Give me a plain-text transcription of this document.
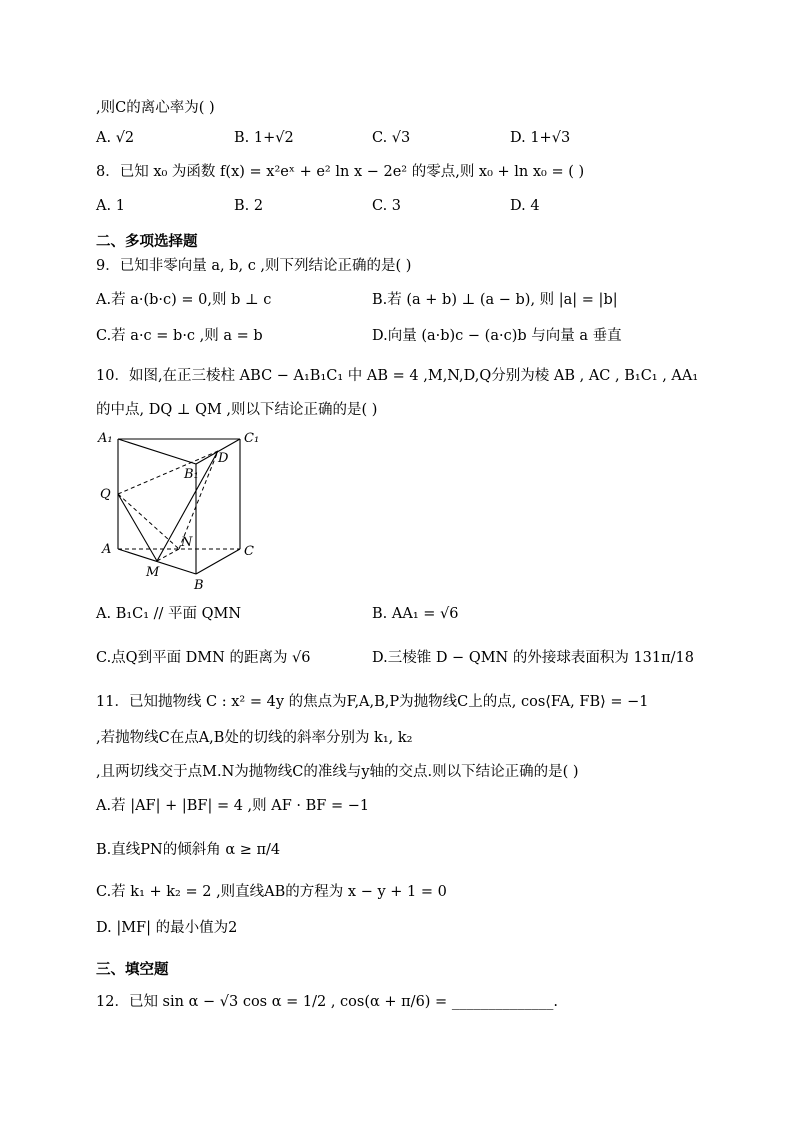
,则C的离心率为( )
A. √2	B. 1+√2	C. √3	D. 1+√3
8．已知 x₀ 为函数 f(x) = x²eˣ + e² ln x − 2e² 的零点,则 x₀ + ln x₀ = ( )
A. 1	B. 2	C. 3	D. 4
二、多项选择题
9．已知非零向量 a, b, c ,则下列结论正确的是( )
A.若 a·(b·c) = 0,则 b ⊥ c	B.若 (a + b) ⊥ (a − b), 则 |a| = |b|
C.若 a·c = b·c ,则 a = b	D.向量 (a·b)c − (a·c)b 与向量 a 垂直
10．如图,在正三棱柱 ABC − A₁B₁C₁ 中 AB = 4 ,M,N,D,Q分别为棱 AB , AC , B₁C₁ , AA₁
的中点, DQ ⊥ QM ,则以下结论正确的是( )
A₁	C₁
B₁
D
Q
N
A	C
M
B
A. B₁C₁ // 平面 QMN	B. AA₁ = √6
C.点Q到平面 DMN 的距离为 √6	D.三棱锥 D − QMN 的外接球表面积为 131π/18
11．已知抛物线 C : x² = 4y 的焦点为F,A,B,P为抛物线C上的点, cos⟨FA, FB⟩ = −1
,若抛物线C在点A,B处的切线的斜率分别为 k₁, k₂
,且两切线交于点M.N为抛物线C的准线与y轴的交点.则以下结论正确的是( )
A.若 |AF| + |BF| = 4 ,则 AF · BF = −1
B.直线PN的倾斜角 α ≥ π/4
C.若 k₁ + k₂ = 2 ,则直线AB的方程为 x − y + 1 = 0
D. |MF| 的最小值为2
三、填空题
12．已知 sin α − √3 cos α = 1/2 , cos(α + π/6) = ______________.
